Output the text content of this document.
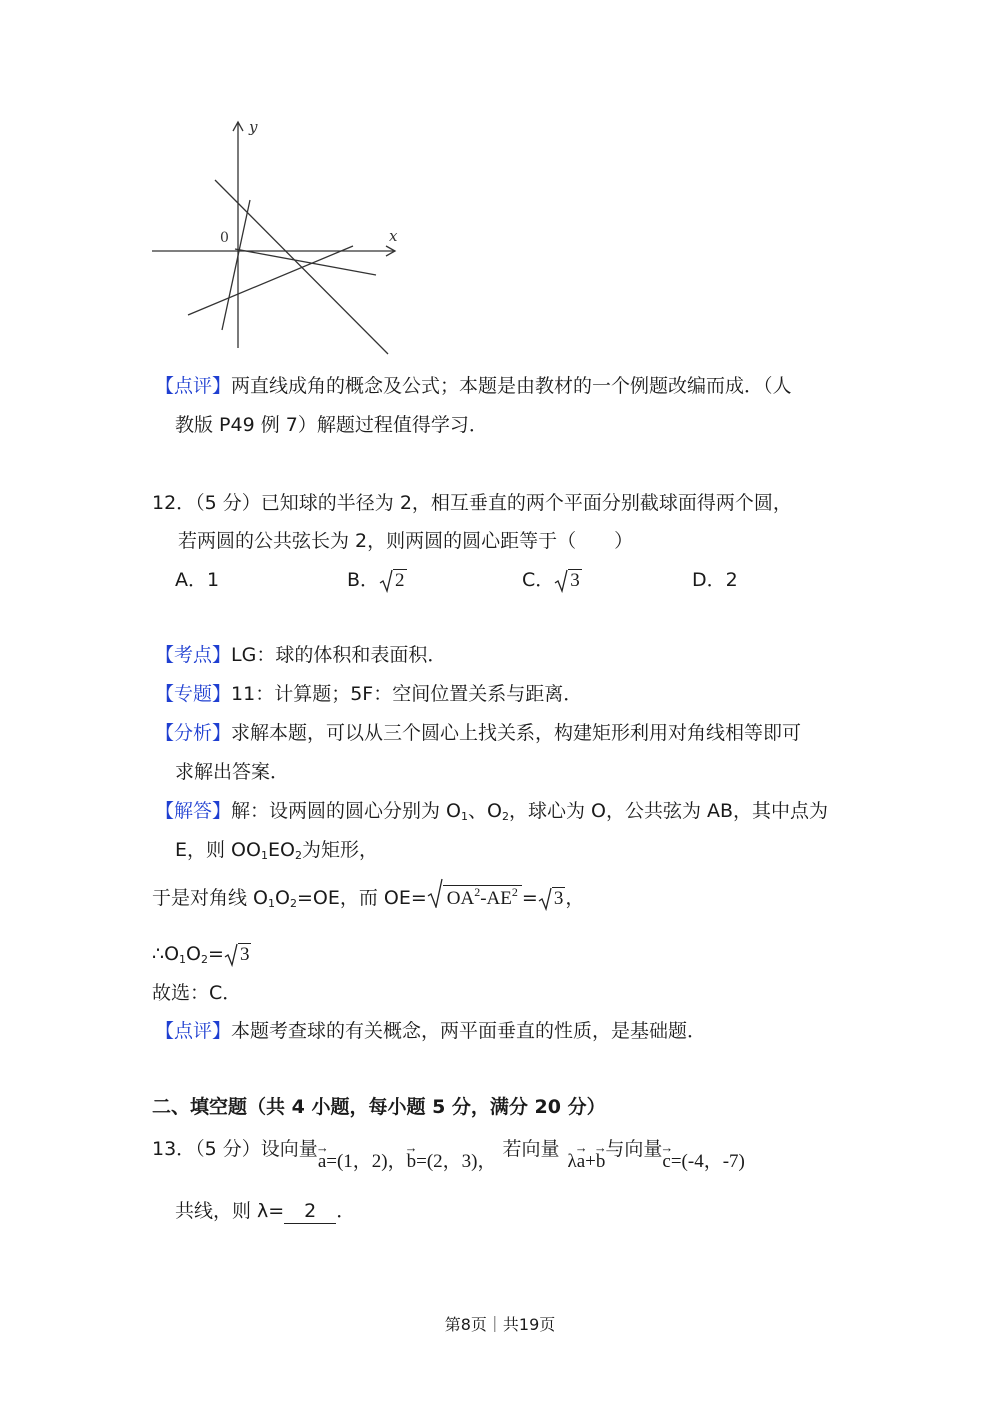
y
x
0
【点评】两直线成角的概念及公式；本题是由教材的一个例题改编而成．（人
教版 P49 例 7）解题过程值得学习．
12．（5 分）已知球的半径为 2，相互垂直的两个平面分别截球面得两个圆，
若两圆的公共弦长为 2，则两圆的圆心距等于（　　）
A．1	B． 2	C． 3	D．2
【考点】LG：球的体积和表面积．
【专题】11：计算题；5F：空间位置关系与距离．
【分析】求解本题，可以从三个圆心上找关系，构建矩形利用对角线相等即可
求解出答案．
【解答】解：设两圆的圆心分别为 $O_1$、$O_2$，球心为 O，公共弦为 AB，其中点为
E，则 $OO_1EO_2$为矩形，
于是对角线 $O_1O_2=OE$，而 $OE= OA^2-AE^2 = 3$ ，
$\therefore O_1O_2= 3$
故选：C．
【点评】本题考查球的有关概念，两平面垂直的性质，是基础题．
二、填空题（共 4 小题，每小题 5 分，满分 20 分）
13．（5 分）设向量→ a=(1，2)，→ b=(2，3)，若向量λ→ a+→ b与向量→ c=(-4，-7)
共线，则 λ= 2 ．
第8页｜共19页
